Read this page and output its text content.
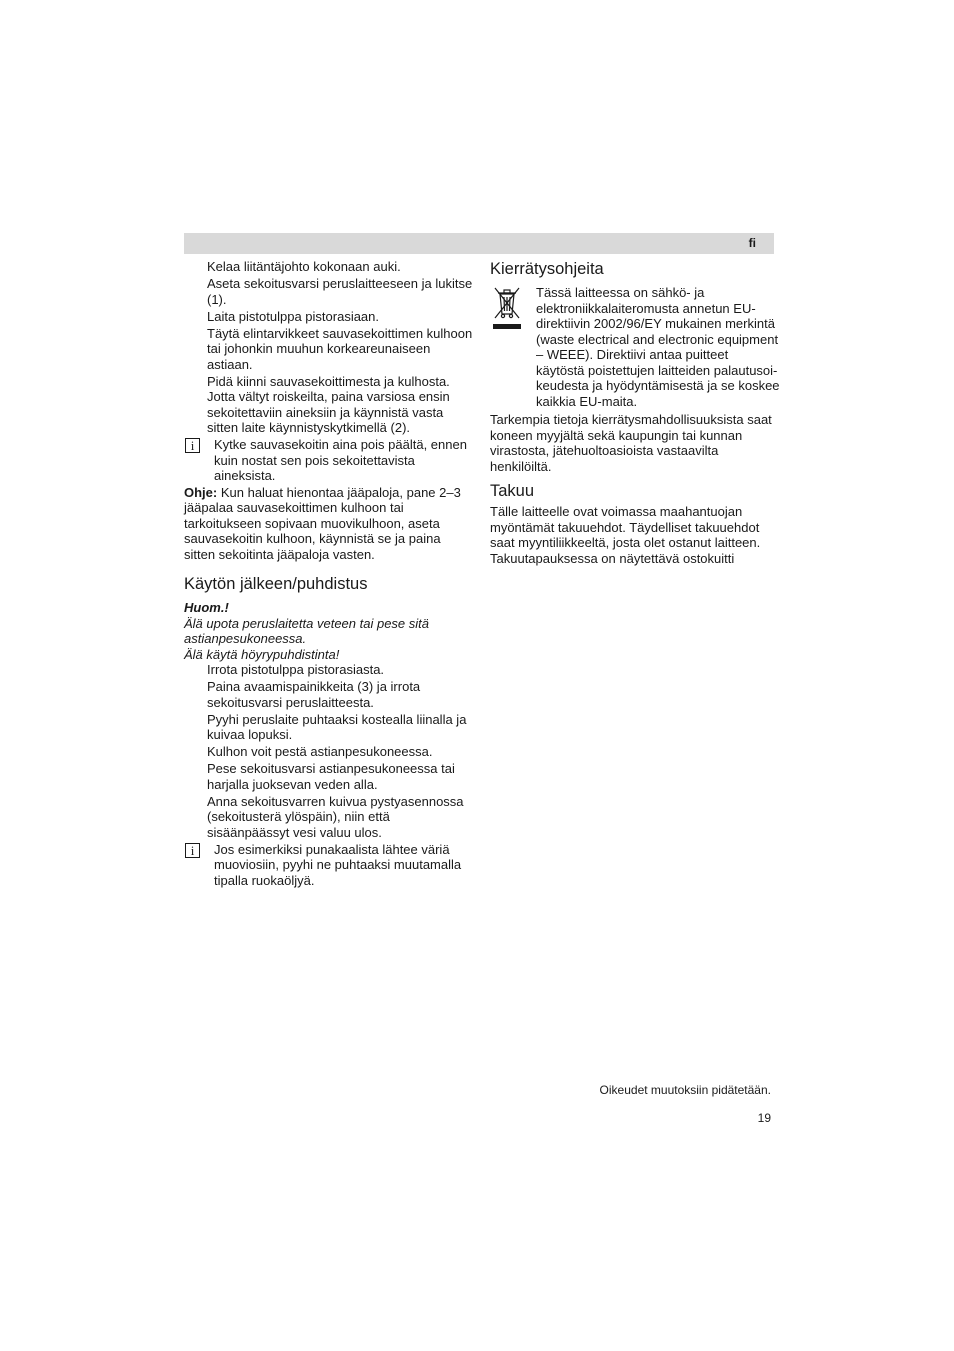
fi
Kelaa liitäntäjohto kokonaan auki.
Aseta sekoitusvarsi peruslaitteeseen ja lukitse (1).
Laita pistotulppa pistorasiaan.
Täytä elintarvikkeet sauvasekoittimen kulhoon tai johonkin muuhun korkeareunaiseen astiaan.
Pidä kiinni sauvasekoittimesta ja kulhosta. Jotta vältyt roiskeilta, paina varsiosa ensin sekoitettaviin aineksiin ja käynnistä vasta sitten laite käynnistyskytkimellä (2).
i	Kytke sauvasekoitin aina pois päältä, ennen kuin nostat sen pois sekoitettavista aineksista.
Ohje: Kun haluat hienontaa jääpaloja, pane 2–3 jääpalaa sauvasekoittimen kulhoon tai tarkoitukseen sopivaan muovikulhoon, aseta sauvasekoitin kulhoon, käynnistä se ja paina sitten sekoitinta jääpaloja vasten.
Käytön jälkeen/puhdistus
Huom.!
Älä upota peruslaitetta veteen tai pese sitä astianpesukoneessa.
Älä käytä höyrypuhdistinta!
Irrota pistotulppa pistorasiasta.
Paina avaamispainikkeita (3) ja irrota sekoitusvarsi peruslaitteesta.
Pyyhi peruslaite puhtaaksi kostealla liinalla ja kuivaa lopuksi.
Kulhon voit pestä astianpesukoneessa.
Pese sekoitusvarsi astianpesukoneessa tai harjalla juoksevan veden alla.
Anna sekoitusvarren kuivua pystyasennossa (sekoitusterä ylöspäin), niin että sisäänpäässyt vesi valuu ulos.
i	Jos esimerkiksi punakaalista lähtee väriä muoviosiin, pyyhi ne puhtaaksi muutamalla tipalla ruokaöljyä.
Kierrätysohjeita
Tässä laitteessa on sähkö- ja elektroniikkalaiteromusta annetun EU-direktiivin 2002/96/EY mukainen merkintä (waste electrical and electronic equipment – WEEE). Direktiivi antaa puitteet käytöstä poistettujen laitteiden palautusoikeudesta ja hyödyntämisestä ja se koskee kaikkia EU-maita.
Tarkempia tietoja kierrätysmahdollisuuksista saat koneen myyjältä sekä kaupungin tai kunnan virastosta, jätehuoltoasioista vastaavilta henkilöiltä.
Takuu
Tälle laitteelle ovat voimassa maahantuojan myöntämät takuuehdot. Täydelliset takuuehdot saat myyntiliikkeeltä, josta olet ostanut laitteen. Takuutapauksessa on näytettävä ostokuitti
Oikeudet muutoksiin pidätetään.
19
